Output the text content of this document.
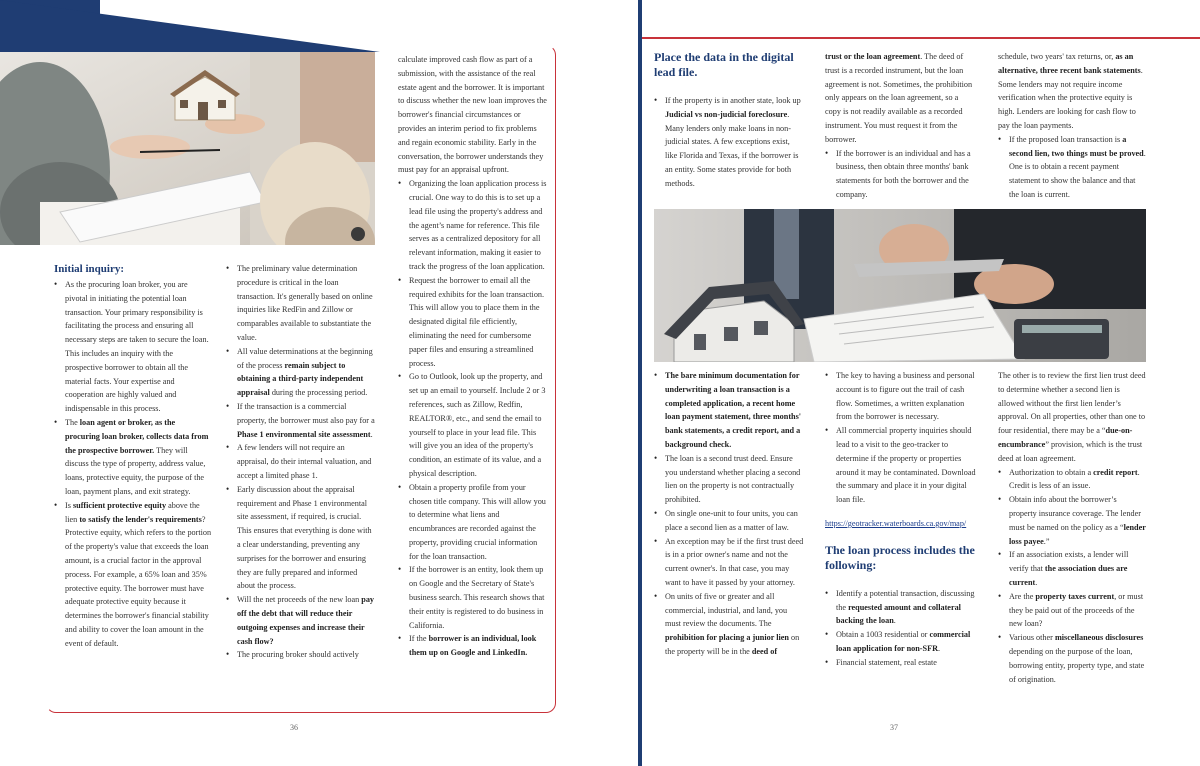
Initial inquiry:
• As the procuring loan broker, you are pivotal in initiating the potential loan transaction. Your primary responsibility is facilitating the process and ensuring all necessary steps are taken to secure the loan. This includes an inquiry with the prospective borrower to obtain all the material facts. Your expertise and cooperation are highly valued and indispensable in this process.
• The loan agent or broker, as the procuring loan broker, collects data from the prospective borrower. They will discuss the type of property, address value, loans, protective equity, the purpose of the loan, payment plans, and exit strategy.
• Is sufficient protective equity above the lien to satisfy the lender's requirements? Protective equity, which refers to the portion of the property's value that exceeds the loan amount, is a crucial factor in the approval process. For example, a 65% loan and 35% protective equity. The borrower must have adequate protective equity because it determines the borrower's financial stability and ability to cover the loan amount in the event of default.
• The preliminary value determination procedure is critical in the loan transaction. It's generally based on online inquiries like RedFin and Zillow or comparables available to substantiate the value.
• All value determinations at the beginning of the process remain subject to obtaining a third-party independent appraisal during the processing period.
• If the transaction is a commercial property, the borrower must also pay for a Phase 1 environmental site assessment.
• A few lenders will not require an appraisal, do their internal valuation, and accept a limited phase 1.
• Early discussion about the appraisal requirement and Phase 1 environmental site assessment, if required, is crucial. This ensures that everything is done with a clear understanding, preventing any surprises for the borrower and ensuring they are fully prepared and informed about the process.
• Will the net proceeds of the new loan pay off the debt that will reduce their outgoing expenses and increase their cash flow?
• The procuring broker should actively

calculate improved cash flow as part of a submission, with the assistance of the real estate agent and the borrower. It is important to discuss whether the new loan improves the borrower's financial circumstances or provides an interim period to fix problems and regain economic stability. Early in the conversation, the borrower understands they must pay for an appraisal upfront.

• Organizing the loan application process is crucial. One way to do this is to set up a lead file using the property's address and the agent’s name for reference. This file serves as a centralized depository for all relevant information, making it easier to track the progress of the loan application.
• Request the borrower to email all the required exhibits for the loan transaction. This will allow you to place them in the designated digital file efficiently, eliminating the need for cumbersome paper files and ensuring a streamlined process.
• Go to Outlook, look up the property, and set up an email to yourself. Include 2 or 3 references, such as Zillow, Redfin, REALTOR®, etc., and send the email to yourself to place in your lead file. This will give you an idea of the property's condition, an estimate of its value, and a physical description.
• Obtain a property profile from your chosen title company. This will allow you to determine what liens and encumbrances are recorded against the property, providing crucial information for the loan transaction.
• If the borrower is an entity, look them up on Google and the Secretary of State's business search. This research shows that their entity is registered to do business in California.
• If the borrower is an individual, look them up on Google and LinkedIn.
36
Place the data in the digital lead file.
• If the property is in another state, look up Judicial vs non-judicial foreclosure. Many lenders only make loans in non-judicial states. A few exceptions exist, like Florida and Texas, if the borrower is an entity. Some states provide for both methods.

trust or the loan agreement. The deed of trust is a recorded instrument, but the loan agreement is not. Sometimes, the prohibition only appears on the loan agreement, so a copy is not readily available as a recorded instrument. You must request it from the borrower.

• If the borrower is an individual and has a business, then obtain three months' bank statements for both the borrower and the company.

schedule, two years' tax returns, or, as an alternative, three recent bank statements. Some lenders may not require income verification when the protective equity is high. Lenders are looking for cash flow to pay the loan payments.

• If the proposed loan transaction is a second lien, two things must be proved. One is to obtain a recent payment statement to show the balance and that the loan is current.
• The bare minimum documentation for underwriting a loan transaction is a completed application, a recent home loan payment statement, three months' bank statements, a credit report, and a background check.
• The loan is a second trust deed. Ensure you understand whether placing a second lien on the property is not contractually prohibited.
• On single one-unit to four units, you can place a second lien as a matter of law.
• An exception may be if the first trust deed is in a prior owner's name and not the current owner's. In that case, you may want to have it passed by your attorney.
• On units of five or greater and all commercial, industrial, and land, you must review the documents. The prohibition for placing a junior lien on the property will be in the deed of
• The key to having a business and personal account is to figure out the trail of cash flow. Sometimes, a written explanation from the borrower is necessary.
• All commercial property inquiries should lead to a visit to the geo-tracker to determine if the property or properties around it may be contaminated. Download the summary and place it in your digital loan file.

https://geotracker.waterboards.ca.gov/map/

The loan process includes the following:
• Identify a potential transaction, discussing the requested amount and collateral backing the loan.
• Obtain a 1003 residential or commercial loan application for non-SFR.
• Financial statement, real estate

The other is to review the first lien trust deed to determine whether a second lien is allowed without the first lien lender’s approval. On all properties, other than one to four residential, there may be a “due-on-encumbrance” provision, which is the trust deed at loan agreement.

• Authorization to obtain a credit report. Credit is less of an issue.
• Obtain info about the borrower’s property insurance coverage. The lender must be named on the policy as a “lender loss payee.”
• If an association exists, a lender will verify that the association dues are current.
• Are the property taxes current, or must they be paid out of the proceeds of the new loan?
• Various other miscellaneous disclosures depending on the purpose of the loan, borrowing entity, property type, and state of origination.
37
